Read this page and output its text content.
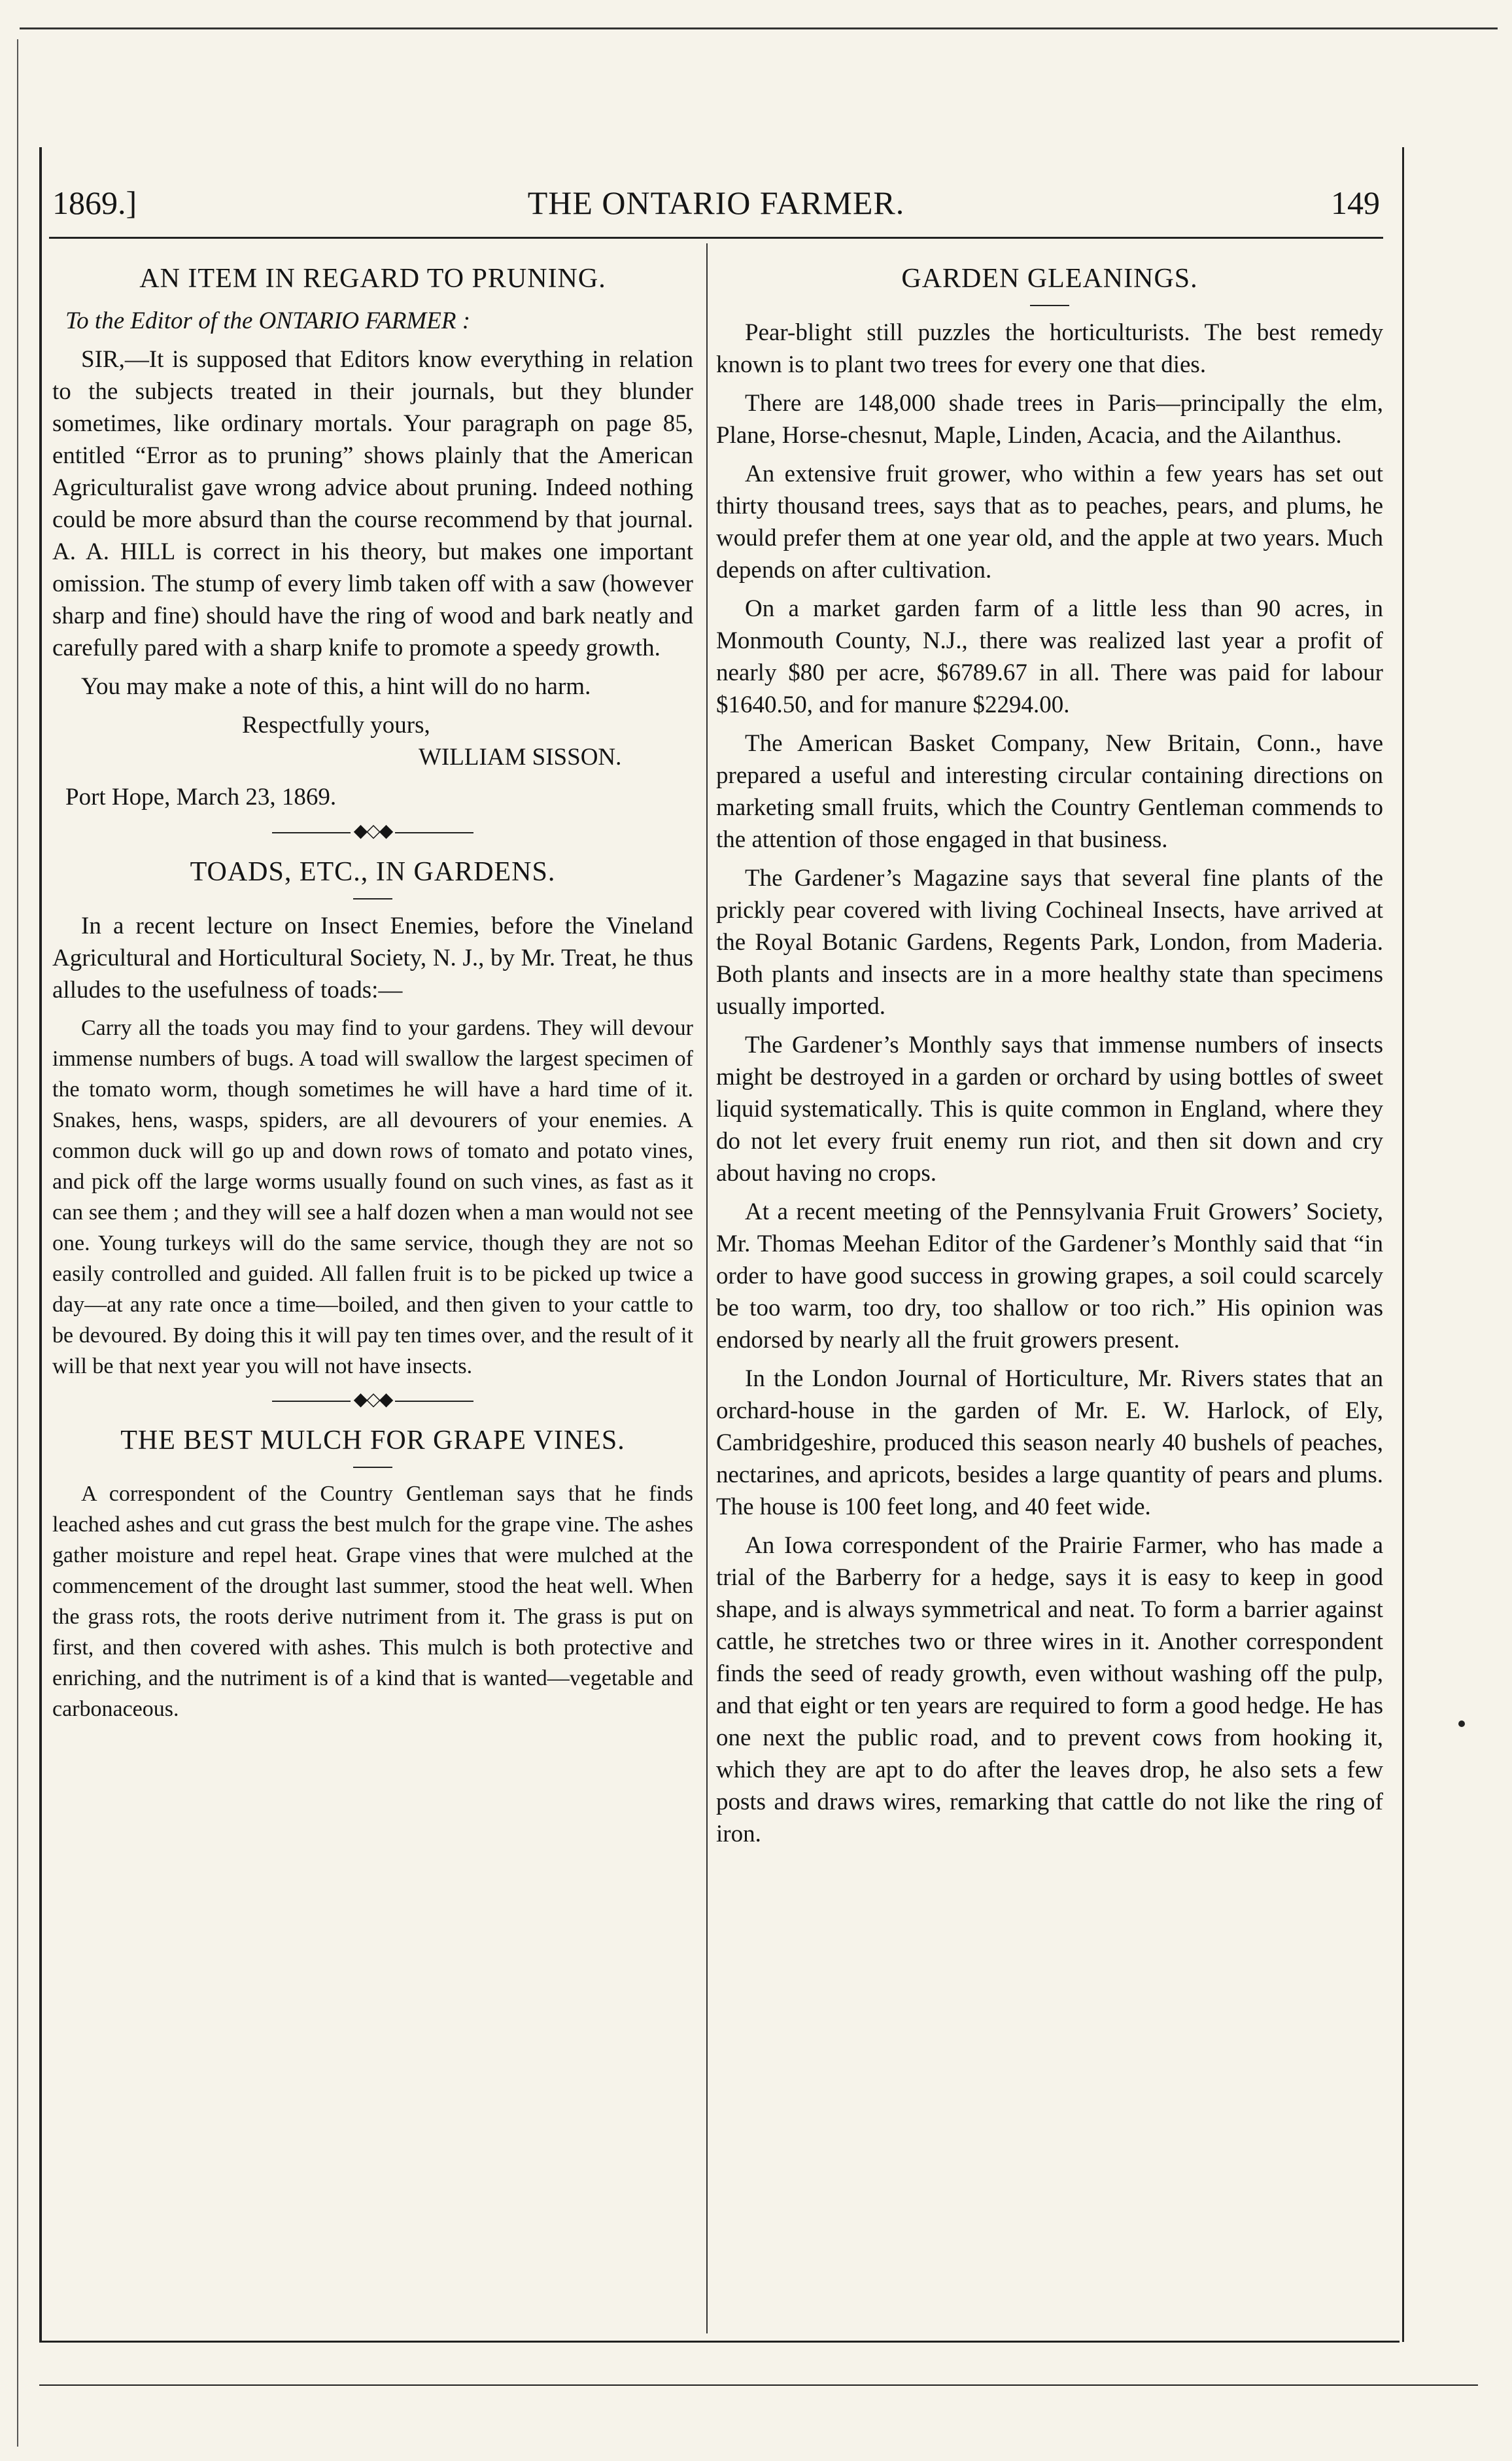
1869.]	THE ONTARIO FARMER.	149
AN ITEM IN REGARD TO PRUNING.

To the Editor of the ONTARIO FARMER :

SIR,—It is supposed that Editors know everything in relation to the subjects treated in their journals, but they blunder sometimes, like ordinary mortals. Your paragraph on page 85, entitled “Error as to pruning” shows plainly that the American Agriculturalist gave wrong advice about pruning. Indeed nothing could be more absurd than the course recommend by that journal. A. A. HILL is correct in his theory, but makes one important omission. The stump of every limb taken off with a saw (however sharp and fine) should have the ring of wood and bark neatly and carefully pared with a sharp knife to promote a speedy growth.

You may make a note of this, a hint will do no harm.

Respectfully yours,
WILLIAM SISSON.
Port Hope, March 23, 1869.
◆◇◆
TOADS, ETC., IN GARDENS.

In a recent lecture on Insect Enemies, before the Vineland Agricultural and Horticultural Society, N. J., by Mr. Treat, he thus alludes to the usefulness of toads:—

Carry all the toads you may find to your gardens. They will devour immense numbers of bugs. A toad will swallow the largest specimen of the tomato worm, though sometimes he will have a hard time of it. Snakes, hens, wasps, spiders, are all devourers of your enemies. A common duck will go up and down rows of tomato and potato vines, and pick off the large worms usually found on such vines, as fast as it can see them ; and they will see a half dozen when a man would not see one. Young turkeys will do the same service, though they are not so easily controlled and guided. All fallen fruit is to be picked up twice a day—at any rate once a time—boiled, and then given to your cattle to be devoured. By doing this it will pay ten times over, and the result of it will be that next year you will not have insects.

◆◇◆
THE BEST MULCH FOR GRAPE VINES.

A correspondent of the Country Gentleman says that he finds leached ashes and cut grass the best mulch for the grape vine. The ashes gather moisture and repel heat. Grape vines that were mulched at the commencement of the drought last summer, stood the heat well. When the grass rots, the roots derive nutriment from it. The grass is put on first, and then covered with ashes. This mulch is both protective and enriching, and the nutriment is of a kind that is wanted—vegetable and carbonaceous.

GARDEN GLEANINGS.

Pear-blight still puzzles the horticulturists. The best remedy known is to plant two trees for every one that dies.

There are 148,000 shade trees in Paris—principally the elm, Plane, Horse-chesnut, Maple, Linden, Acacia, and the Ailanthus.

An extensive fruit grower, who within a few years has set out thirty thousand trees, says that as to peaches, pears, and plums, he would prefer them at one year old, and the apple at two years. Much depends on after cultivation.

On a market garden farm of a little less than 90 acres, in Monmouth County, N.J., there was realized last year a profit of nearly $80 per acre, $6789.67 in all. There was paid for labour $1640.50, and for manure $2294.00.

The American Basket Company, New Britain, Conn., have prepared a useful and interesting circular containing directions on marketing small fruits, which the Country Gentleman commends to the attention of those engaged in that business.

The Gardener’s Magazine says that several fine plants of the prickly pear covered with living Cochineal Insects, have arrived at the Royal Botanic Gardens, Regents Park, London, from Maderia. Both plants and insects are in a more healthy state than specimens usually imported.

The Gardener’s Monthly says that immense numbers of insects might be destroyed in a garden or orchard by using bottles of sweet liquid systematically. This is quite common in England, where they do not let every fruit enemy run riot, and then sit down and cry about having no crops.

At a recent meeting of the Pennsylvania Fruit Growers’ Society, Mr. Thomas Meehan Editor of the Gardener’s Monthly said that “in order to have good success in growing grapes, a soil could scarcely be too warm, too dry, too shallow or too rich.” His opinion was endorsed by nearly all the fruit growers present.

In the London Journal of Horticulture, Mr. Rivers states that an orchard-house in the garden of Mr. E. W. Harlock, of Ely, Cambridgeshire, produced this season nearly 40 bushels of peaches, nectarines, and apricots, besides a large quantity of pears and plums. The house is 100 feet long, and 40 feet wide.

An Iowa correspondent of the Prairie Farmer, who has made a trial of the Barberry for a hedge, says it is easy to keep in good shape, and is always symmetrical and neat. To form a barrier against cattle, he stretches two or three wires in it. Another correspondent finds the seed of ready growth, even without washing off the pulp, and that eight or ten years are required to form a good hedge. He has one next the public road, and to prevent cows from hooking it, which they are apt to do after the leaves drop, he also sets a few posts and draws wires, remarking that cattle do not like the ring of iron.
